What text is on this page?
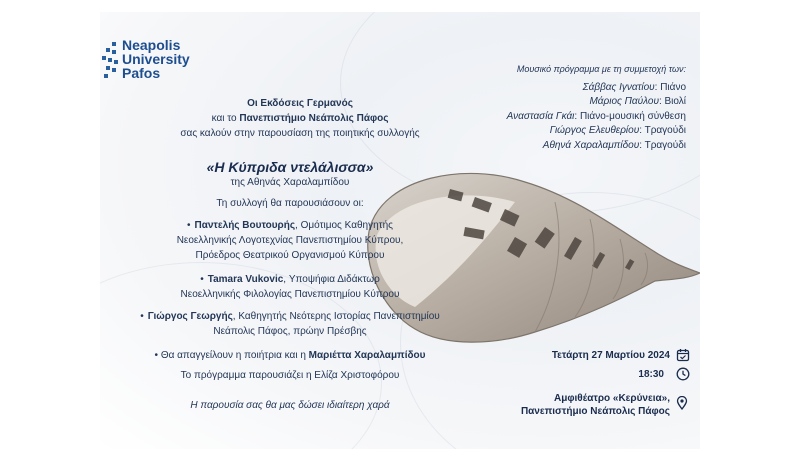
Neapolis
University
Pafos
Οι Εκδόσεις Γερμανός
και το Πανεπιστήμιο Νεάπολις Πάφος
σας καλούν στην παρουσίαση της ποιητικής συλλογής
«Η Κύπριδα ντελάλισσα»
της Αθηνάς Χαραλαμπίδου
Τη συλλογή θα παρουσιάσουν οι:
• Παντελής Βουτουρής, Ομότιμος Καθηγητής
Νεοελληνικής Λογοτεχνίας Πανεπιστημίου Κύπρου,
Πρόεδρος Θεατρικού Οργανισμού Κύπρου
• Tamara Vukovic, Υποψήφια Διδάκτωρ
Νεοελληνικής Φιλολογίας Πανεπιστημίου Κύπρου
• Γιώργος Γεωργής, Καθηγητής Νεότερης Ιστορίας Πανεπιστημίου
Νεάπολις Πάφος, πρώην Πρέσβης
• Θα απαγγείλουν η ποιήτρια και η Μαριέττα Χαραλαμπίδου
Το πρόγραμμα παρουσιάζει η Ελίζα Χριστοφόρου
Η παρουσία σας θα μας δώσει ιδιαίτερη χαρά
Μουσικό πρόγραμμα με τη συμμετοχή των:
Σάββας Ιγνατίου: Πιάνο
Μάριος Παύλου: Βιολί
Αναστασία Γκάι: Πιάνο-μουσική σύνθεση
Γιώργος Ελευθερίου: Τραγούδι
Αθηνά Χαραλαμπίδου: Τραγούδι
Τετάρτη 27 Μαρτίου 2024
18:30
Αμφιθέατρο «Κερύνεια»,
Πανεπιστήμιο Νεάπολις Πάφος
